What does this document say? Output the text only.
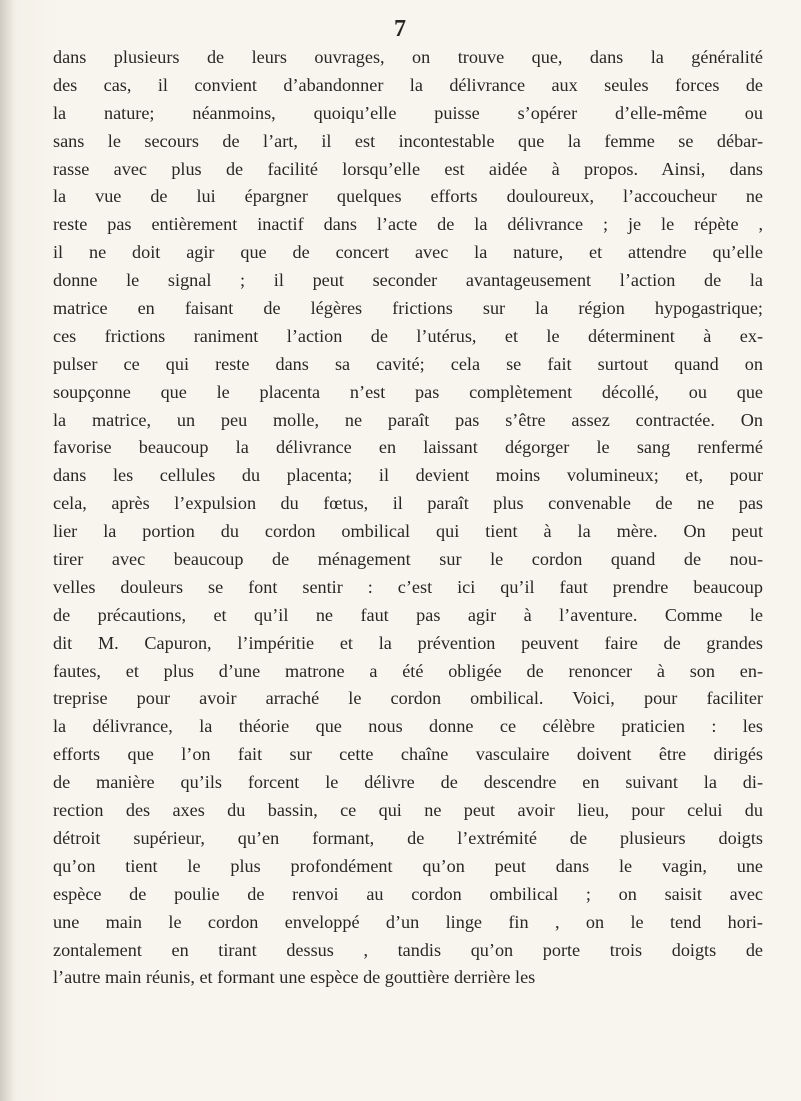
7
dans plusieurs de leurs ouvrages, on trouve que, dans la généralité
des cas, il convient d’abandonner la délivrance aux seules forces de
la nature; néanmoins, quoiqu’elle puisse s’opérer d’elle-même ou
sans le secours de l’art, il est incontestable que la femme se débar-
rasse avec plus de facilité lorsqu’elle est aidée à propos. Ainsi, dans
la vue de lui épargner quelques efforts douloureux, l’accoucheur ne
reste pas entièrement inactif dans l’acte de la délivrance ; je le répète ,
il ne doit agir que de concert avec la nature, et attendre qu’elle
donne le signal ; il peut seconder avantageusement l’action de la
matrice en faisant de légères frictions sur la région hypogastrique;
ces frictions raniment l’action de l’utérus, et le déterminent à ex-
pulser ce qui reste dans sa cavité; cela se fait surtout quand on
soupçonne que le placenta n’est pas complètement décollé, ou que
la matrice, un peu molle, ne paraît pas s’être assez contractée. On
favorise beaucoup la délivrance en laissant dégorger le sang renfermé
dans les cellules du placenta; il devient moins volumineux; et, pour
cela, après l’expulsion du fœtus, il paraît plus convenable de ne pas
lier la portion du cordon ombilical qui tient à la mère. On peut
tirer avec beaucoup de ménagement sur le cordon quand de nou-
velles douleurs se font sentir : c’est ici qu’il faut prendre beaucoup
de précautions, et qu’il ne faut pas agir à l’aventure. Comme le
dit M. Capuron, l’impéritie et la prévention peuvent faire de grandes
fautes, et plus d’une matrone a été obligée de renoncer à son en-
treprise pour avoir arraché le cordon ombilical. Voici, pour faciliter
la délivrance, la théorie que nous donne ce célèbre praticien : les
efforts que l’on fait sur cette chaîne vasculaire doivent être dirigés
de manière qu’ils forcent le délivre de descendre en suivant la di-
rection des axes du bassin, ce qui ne peut avoir lieu, pour celui du
détroit supérieur, qu’en formant, de l’extrémité de plusieurs doigts
qu’on tient le plus profondément qu’on peut dans le vagin, une
espèce de poulie de renvoi au cordon ombilical ; on saisit avec
une main le cordon enveloppé d’un linge fin , on le tend hori-
zontalement en tirant dessus , tandis qu’on porte trois doigts de
l’autre main réunis, et formant une espèce de gouttière derrière les
